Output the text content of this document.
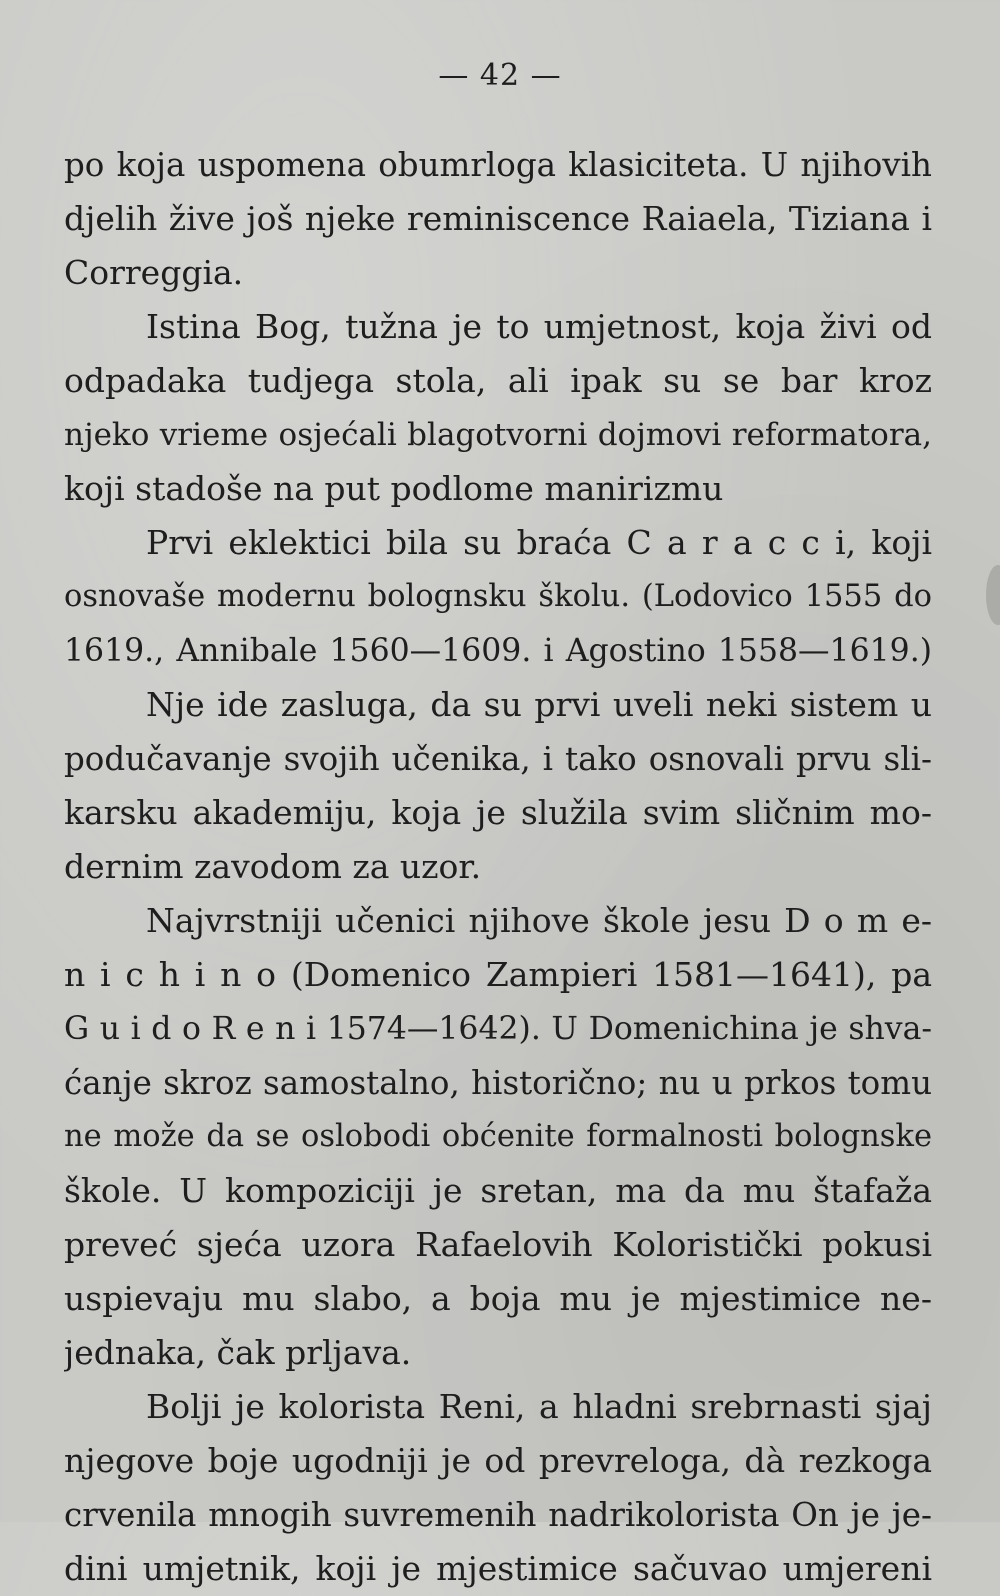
— 42 —
po koja uspomena obumrloga klasiciteta. U njihovih
djelih žive još njeke reminiscence Raiaela, Tiziana i
Correggia.
Istina Bog, tužna je to umjetnost, koja živi od
odpadaka tudjega stola, ali ipak su se bar kroz
njeko vrieme osjećali blagotvorni dojmovi reformatora,
koji stadoše na put podlome manirizmu
Prvi eklektici bila su braća C a r a c c i, koji
osnovaše modernu bolognsku školu. (Lodovico 1555 do
1619., Annibale 1560—1609. i Agostino 1558—1619.)
Nje ide zasluga, da su prvi uveli neki sistem u
podučavanje svojih učenika, i tako osnovali prvu sli-
karsku akademiju, koja je služila svim sličnim mo-
dernim zavodom za uzor.
Najvrstniji učenici njihove škole jesu D o m e-
n i c h i n o (Domenico Zampieri 1581—1641), pa
G u i d o R e n i 1574—1642). U Domenichina je shva-
ćanje skroz samostalno, historično; nu u prkos tomu
ne može da se oslobodi obćenite formalnosti bolognske
škole. U kompoziciji je sretan, ma da mu štafaža
preveć sjeća uzora Rafaelovih Koloristički pokusi
uspievaju mu slabo, a boja mu je mjestimice ne-
jednaka, čak prljava.
Bolji je kolorista Reni, a hladni srebrnasti sjaj
njegove boje ugodniji je od prevreloga, dà rezkoga
crvenila mnogih suvremenih nadrikolorista On je je-
dini umjetnik, koji je mjestimice sačuvao umjereni
